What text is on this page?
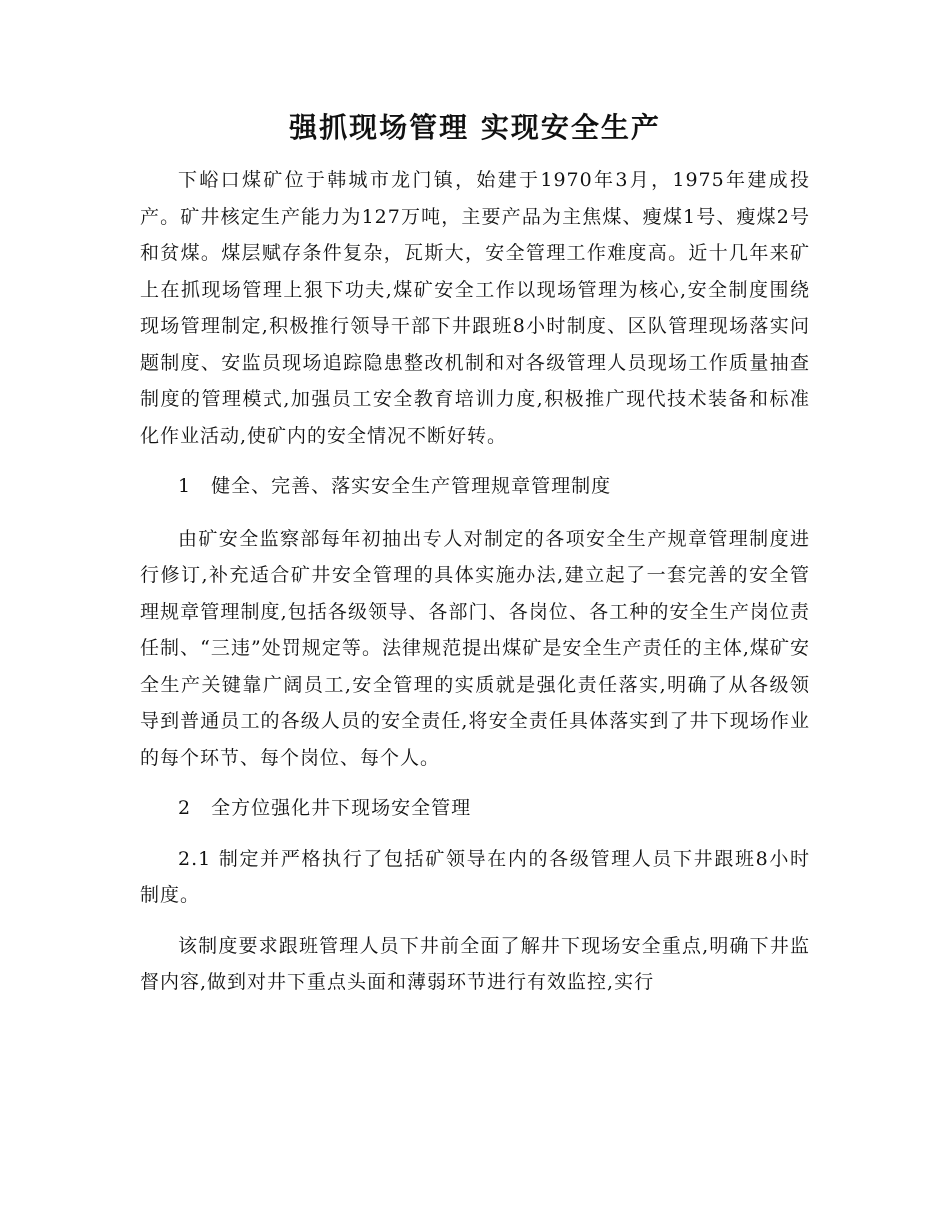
强抓现场管理 实现安全生产

下峪口煤矿位于韩城市龙门镇，始建于1970年3月，1975年建成投产。矿井核定生产能力为127万吨，主要产品为主焦煤、瘦煤1号、瘦煤2号和贫煤。煤层赋存条件复杂，瓦斯大，安全管理工作难度高。近十几年来矿上在抓现场管理上狠下功夫,煤矿安全工作以现场管理为核心,安全制度围绕现场管理制定,积极推行领导干部下井跟班8小时制度、区队管理现场落实问题制度、安监员现场追踪隐患整改机制和对各级管理人员现场工作质量抽查制度的管理模式,加强员工安全教育培训力度,积极推广现代技术装备和标准化作业活动,使矿内的安全情况不断好转。

1　健全、完善、落实安全生产管理规章管理制度

由矿安全监察部每年初抽出专人对制定的各项安全生产规章管理制度进行修订,补充适合矿井安全管理的具体实施办法,建立起了一套完善的安全管理规章管理制度,包括各级领导、各部门、各岗位、各工种的安全生产岗位责任制、“三违”处罚规定等。法律规范提出煤矿是安全生产责任的主体,煤矿安全生产关键靠广阔员工,安全管理的实质就是强化责任落实,明确了从各级领导到普通员工的各级人员的安全责任,将安全责任具体落实到了井下现场作业的每个环节、每个岗位、每个人。

2　全方位强化井下现场安全管理

2.1 制定并严格执行了包括矿领导在内的各级管理人员下井跟班8小时制度。

该制度要求跟班管理人员下井前全面了解井下现场安全重点,明确下井监督内容,做到对井下重点头面和薄弱环节进行有效监控,实行
